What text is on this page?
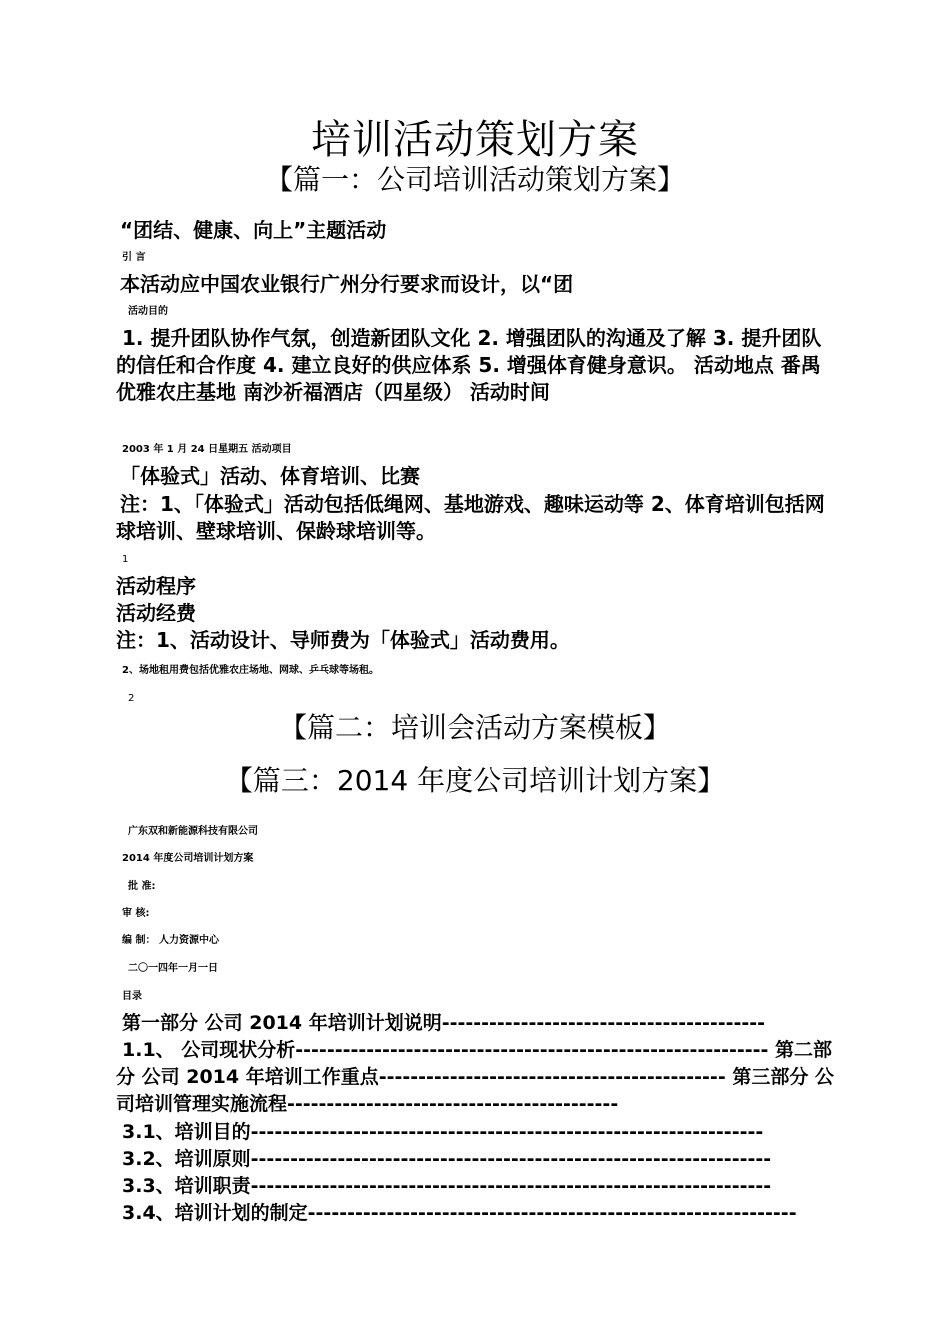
培训活动策划方案
【篇一：公司培训活动策划方案】
“团结、健康、向上”主题活动
引 言
本活动应中国农业银行广州分行要求而设计，以“团
活动目的
1. 提升团队协作气氛，创造新团队文化 2. 增强团队的沟通及了解 3. 提升团队的信任和合作度 4. 建立良好的供应体系 5. 增强体育健身意识。 活动地点 番禺优雅农庄基地 南沙祈福酒店（四星级） 活动时间
2003 年 1 月 24 日星期五 活动项目
「体验式」活动、体育培训、比赛
注：1、「体验式」活动包括低绳网、基地游戏、趣味运动等 2、体育培训包括网球培训、壁球培训、保龄球培训等。
1
活动程序
活动经费
注：1、活动设计、导师费为「体验式」活动费用。
2、场地租用费包括优雅农庄场地、网球、乒乓球等场租。
2
【篇二：培训会活动方案模板】
【篇三：2014 年度公司培训计划方案】
广东双和新能源科技有限公司
2014 年度公司培训计划方案
批 准:
审 核:
编 制： 人力资源中心
二〇一四年一月一日
目录
第一部分 公司 2014 年培训计划说明-----------------------------------------
1.1、 公司现状分析------------------------------------------------------------ 第二部分 公司 2014 年培训工作重点-------------------------------------------- 第三部分 公司培训管理实施流程------------------------------------------
3.1、培训目的-----------------------------------------------------------------
3.2、培训原则------------------------------------------------------------------
3.3、培训职责------------------------------------------------------------------
3.4、培训计划的制定--------------------------------------------------------------
